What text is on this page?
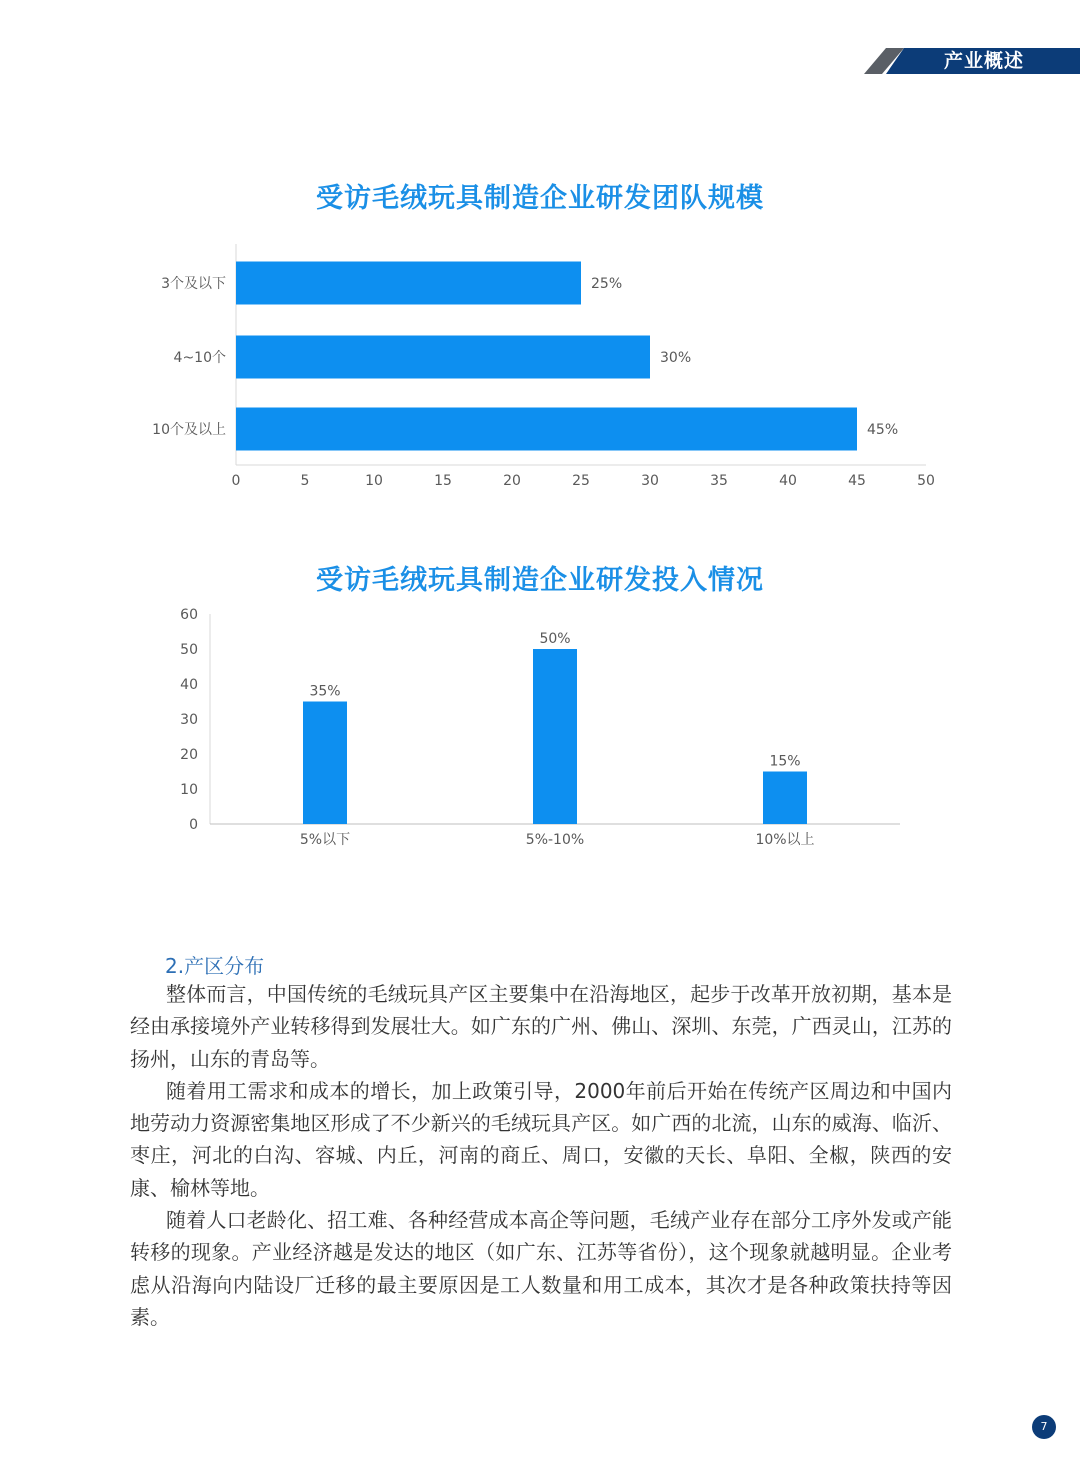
产业概述
受访毛绒玩具制造企业研发团队规模
3个及以下	25%
4~10个	30%
10个及以上	45%
0	5	10	15	20	25	30	35	40	45	50
受访毛绒玩具制造企业研发投入情况
0
10
20
30
40
50
60
35%
5%以下
50%
5%-10%
15%
10%以上
2.产区分布

整体而言，中国传统的毛绒玩具产区主要集中在沿海地区，起步于改革开放初期，基本是经由承接境外产业转移得到发展壮大。如广东的广州、佛山、深圳、东莞，广西灵山，江苏的扬州，山东的青岛等。

随着用工需求和成本的增长，加上政策引导，2000年前后开始在传统产区周边和中国内地劳动力资源密集地区形成了不少新兴的毛绒玩具产区。如广西的北流，山东的威海、临沂、枣庄，河北的白沟、容城、内丘，河南的商丘、周口，安徽的天长、阜阳、全椒，陕西的安康、榆林等地。

随着人口老龄化、招工难、各种经营成本高企等问题，毛绒产业存在部分工序外发或产能转移的现象。产业经济越是发达的地区（如广东、江苏等省份），这个现象就越明显。企业考虑从沿海向内陆设厂迁移的最主要原因是工人数量和用工成本，其次才是各种政策扶持等因素。

7
